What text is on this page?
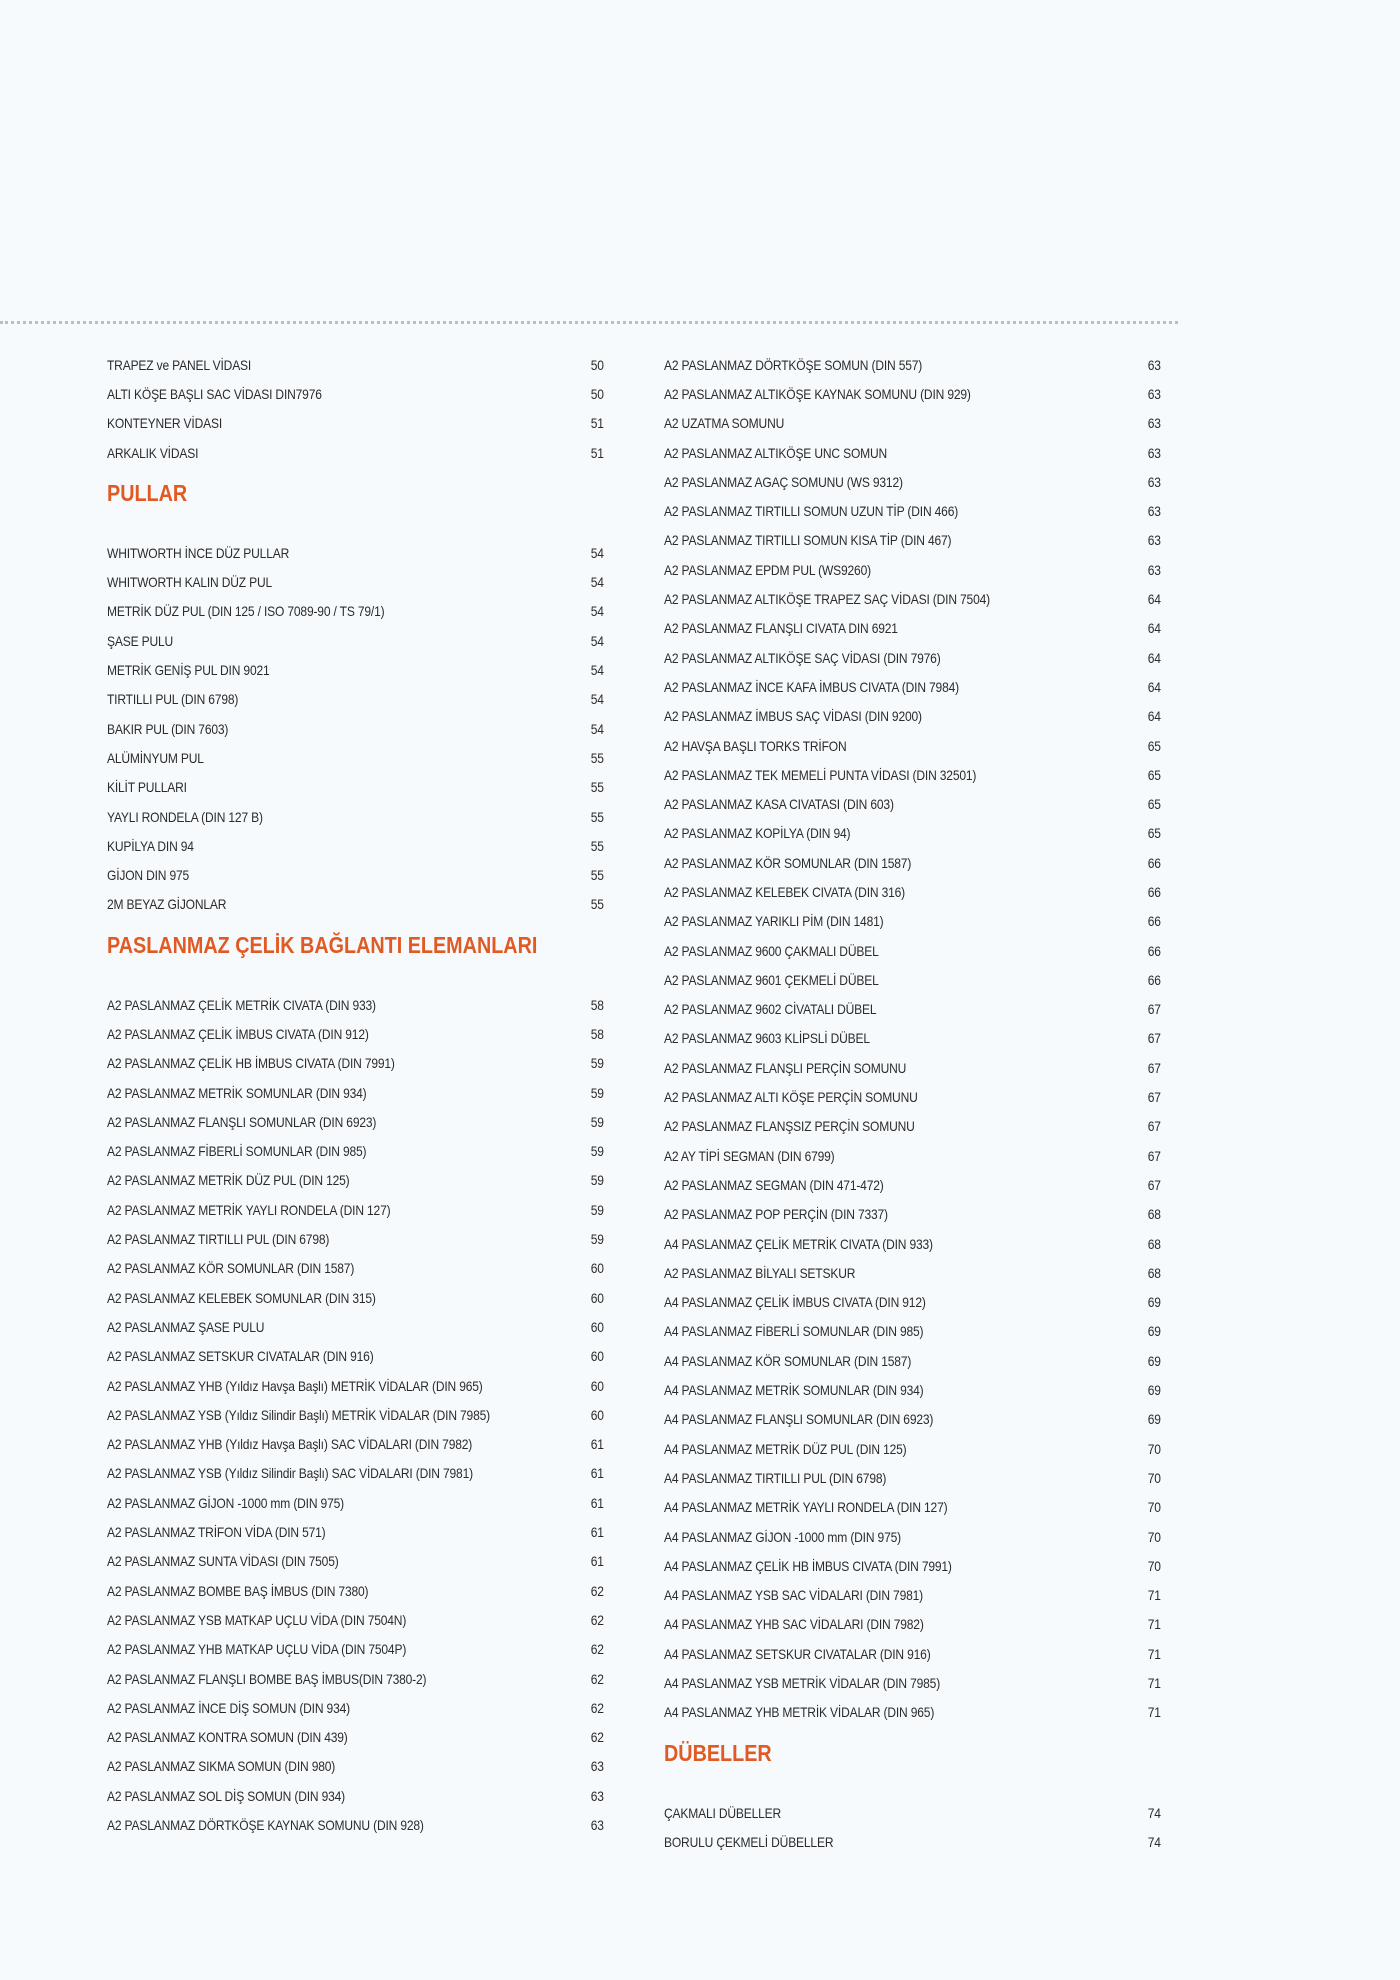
TRAPEZ ve PANEL VİDASI	50
ALTI KÖŞE BAŞLI SAC VİDASI DIN7976	50
KONTEYNER VİDASI	51
ARKALIK VİDASI	51
PULLAR
WHITWORTH İNCE DÜZ PULLAR	54
WHITWORTH KALIN DÜZ PUL	54
METRİK DÜZ PUL (DIN 125 / ISO 7089-90 / TS 79/1)	54
ŞASE PULU	54
METRİK GENİŞ PUL DIN 9021	54
TIRTILLI PUL (DIN 6798)	54
BAKIR PUL (DIN 7603)	54
ALÜMİNYUM PUL	55
KİLİT PULLARI	55
YAYLI RONDELA (DIN 127 B)	55
KUPİLYA DIN 94	55
GİJON DIN 975	55
2M BEYAZ GİJONLAR	55
PASLANMAZ ÇELİK BAĞLANTI ELEMANLARI
A2 PASLANMAZ ÇELİK METRİK CIVATA (DIN 933)	58
A2 PASLANMAZ ÇELİK İMBUS CIVATA (DIN 912)	58
A2 PASLANMAZ ÇELİK HB İMBUS CIVATA (DIN 7991)	59
A2 PASLANMAZ METRİK SOMUNLAR (DIN 934)	59
A2 PASLANMAZ FLANŞLI SOMUNLAR (DIN 6923)	59
A2 PASLANMAZ FİBERLİ SOMUNLAR (DIN 985)	59
A2 PASLANMAZ METRİK DÜZ PUL (DIN 125)	59
A2 PASLANMAZ METRİK YAYLI RONDELA (DIN 127)	59
A2 PASLANMAZ TIRTILLI PUL (DIN 6798)	59
A2 PASLANMAZ KÖR SOMUNLAR (DIN 1587)	60
A2 PASLANMAZ KELEBEK SOMUNLAR (DIN 315)	60
A2 PASLANMAZ ŞASE PULU	60
A2 PASLANMAZ SETSKUR CIVATALAR (DIN 916)	60
A2 PASLANMAZ YHB (Yıldız Havşa Başlı) METRİK VİDALAR (DIN 965)	60
A2 PASLANMAZ YSB (Yıldız Silindir Başlı) METRİK VİDALAR (DIN 7985)	60
A2 PASLANMAZ YHB (Yıldız Havşa Başlı) SAC VİDALARI (DIN 7982)	61
A2 PASLANMAZ YSB (Yıldız Silindir Başlı) SAC VİDALARI (DIN 7981)	61
A2 PASLANMAZ GİJON -1000 mm (DIN 975)	61
A2 PASLANMAZ TRİFON VİDA (DIN 571)	61
A2 PASLANMAZ SUNTA VİDASI (DIN 7505)	61
A2 PASLANMAZ BOMBE BAŞ İMBUS (DIN 7380)	62
A2 PASLANMAZ YSB MATKAP UÇLU VİDA (DIN 7504N)	62
A2 PASLANMAZ YHB MATKAP UÇLU VİDA (DIN 7504P)	62
A2 PASLANMAZ FLANŞLI BOMBE BAŞ İMBUS(DIN 7380-2)	62
A2 PASLANMAZ İNCE DİŞ SOMUN (DIN 934)	62
A2 PASLANMAZ KONTRA SOMUN (DIN 439)	62
A2 PASLANMAZ SIKMA SOMUN (DIN 980)	63
A2 PASLANMAZ SOL DİŞ SOMUN (DIN 934)	63
A2 PASLANMAZ DÖRTKÖŞE KAYNAK SOMUNU (DIN 928)	63
A2 PASLANMAZ DÖRTKÖŞE SOMUN (DIN 557)	63
A2 PASLANMAZ ALTIKÖŞE KAYNAK SOMUNU (DIN 929)	63
A2 UZATMA SOMUNU	63
A2 PASLANMAZ ALTIKÖŞE UNC SOMUN	63
A2 PASLANMAZ AGAÇ SOMUNU (WS 9312)	63
A2 PASLANMAZ TIRTILLI SOMUN UZUN TİP (DIN 466)	63
A2 PASLANMAZ TIRTILLI SOMUN KISA TİP (DIN 467)	63
A2 PASLANMAZ EPDM PUL (WS9260)	63
A2 PASLANMAZ ALTIKÖŞE TRAPEZ SAÇ VİDASI (DIN 7504)	64
A2 PASLANMAZ FLANŞLI CIVATA DIN 6921	64
A2 PASLANMAZ ALTIKÖŞE SAÇ VİDASI (DIN 7976)	64
A2 PASLANMAZ İNCE KAFA İMBUS CIVATA (DIN 7984)	64
A2 PASLANMAZ İMBUS SAÇ VİDASI (DIN 9200)	64
A2 HAVŞA BAŞLI TORKS TRİFON	65
A2 PASLANMAZ TEK MEMELİ PUNTA VİDASI (DIN 32501)	65
A2 PASLANMAZ KASA CIVATASI (DIN 603)	65
A2 PASLANMAZ KOPİLYA (DIN 94)	65
A2 PASLANMAZ KÖR SOMUNLAR (DIN 1587)	66
A2 PASLANMAZ KELEBEK CIVATA (DIN 316)	66
A2 PASLANMAZ YARIKLI PİM (DIN 1481)	66
A2 PASLANMAZ 9600 ÇAKMALI DÜBEL	66
A2 PASLANMAZ 9601 ÇEKMELİ DÜBEL	66
A2 PASLANMAZ 9602 CİVATALI DÜBEL	67
A2 PASLANMAZ 9603 KLİPSLİ DÜBEL	67
A2 PASLANMAZ FLANŞLI PERÇİN SOMUNU	67
A2 PASLANMAZ ALTI KÖŞE PERÇİN SOMUNU	67
A2 PASLANMAZ FLANŞSIZ PERÇİN SOMUNU	67
A2 AY TİPİ SEGMAN (DIN 6799)	67
A2 PASLANMAZ SEGMAN (DIN 471-472)	67
A2 PASLANMAZ POP PERÇİN (DIN 7337)	68
A4 PASLANMAZ ÇELİK METRİK CIVATA (DIN 933)	68
A2 PASLANMAZ BİLYALI SETSKUR	68
A4 PASLANMAZ ÇELİK İMBUS CIVATA (DIN 912)	69
A4 PASLANMAZ FİBERLİ SOMUNLAR (DIN 985)	69
A4 PASLANMAZ KÖR SOMUNLAR (DIN 1587)	69
A4 PASLANMAZ METRİK SOMUNLAR (DIN 934)	69
A4 PASLANMAZ FLANŞLI SOMUNLAR (DIN 6923)	69
A4 PASLANMAZ METRİK DÜZ PUL (DIN 125)	70
A4 PASLANMAZ TIRTILLI PUL (DIN 6798)	70
A4 PASLANMAZ METRİK YAYLI RONDELA (DIN 127)	70
A4 PASLANMAZ GİJON -1000 mm (DIN 975)	70
A4 PASLANMAZ ÇELİK HB İMBUS CIVATA (DIN 7991)	70
A4 PASLANMAZ YSB SAC VİDALARI (DIN 7981)	71
A4 PASLANMAZ YHB SAC VİDALARI (DIN 7982)	71
A4 PASLANMAZ SETSKUR CIVATALAR (DIN 916)	71
A4 PASLANMAZ YSB METRİK VİDALAR (DIN 7985)	71
A4 PASLANMAZ YHB METRİK VİDALAR (DIN 965)	71
DÜBELLER
ÇAKMALI DÜBELLER	74
BORULU ÇEKMELİ DÜBELLER	74
